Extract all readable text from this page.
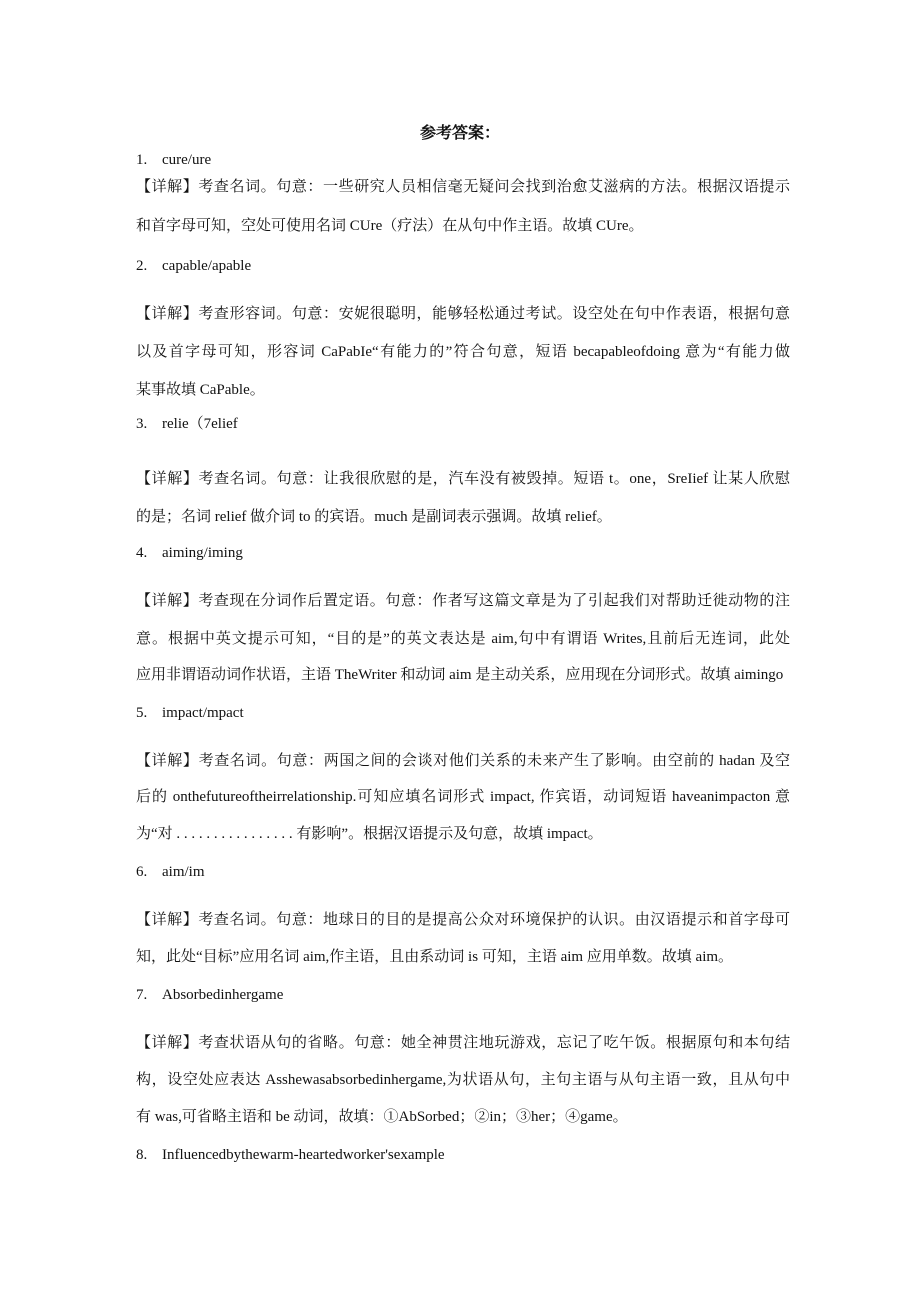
参考答案：
1. cure/ure
【详解】考查名词。句意：一些研究人员相信毫无疑问会找到治愈艾滋病的方法。根据汉语提示
和首字母可知，空处可使用名词 CUre（疗法）在从句中作主语。故填 CUre。
2. capable/apable
【详解】考查形容词。句意：安妮很聪明，能够轻松通过考试。设空处在句中作表语，根据句意
以及首字母可知，形容词 CaPabIe“有能力的”符合句意，短语 becapableofdoing 意为“有能力做
某事故填 CaPable。
3. relie（7elief
【详解】考查名词。句意：让我很欣慰的是，汽车没有被毁掉。短语 t。one，SreIief 让某人欣慰
的是；名词 relief 做介词 to 的宾语。much 是副词表示强调。故填 relief。
4. aiming/iming
【详解】考查现在分词作后置定语。句意：作者写这篇文章是为了引起我们对帮助迁徙动物的注
意。根据中英文提示可知，“目的是”的英文表达是 aim,句中有谓语 Writes,且前后无连词，此处
应用非谓语动词作状语，主语 TheWriter 和动词 aim 是主动关系，应用现在分词形式。故填 aimingo
5. impact/mpact
【详解】考查名词。句意：两国之间的会谈对他们关系的未来产生了影响。由空前的 hadan 及空
后的 onthefutureoftheirrelationship.可知应填名词形式 impact, 作宾语，动词短语 haveanimpacton 意
为“对 . . . . . . . . . . . . . . . . 有影响”。根据汉语提示及句意，故填 impact。
6. aim/im
【详解】考查名词。句意：地球日的目的是提高公众对环境保护的认识。由汉语提示和首字母可
知，此处“目标”应用名词 aim,作主语，且由系动词 is 可知，主语 aim 应用单数。故填 aim。
7. Absorbedinhergame
【详解】考查状语从句的省略。句意：她全神贯注地玩游戏，忘记了吃午饭。根据原句和本句结
构，设空处应表达 Asshewasabsorbedinhergame,为状语从句，主句主语与从句主语一致，且从句中
有 was,可省略主语和 be 动词，故填：①AbSorbed；②in；③her；④game。
8. Influencedbythewarm-heartedworker'sexample
